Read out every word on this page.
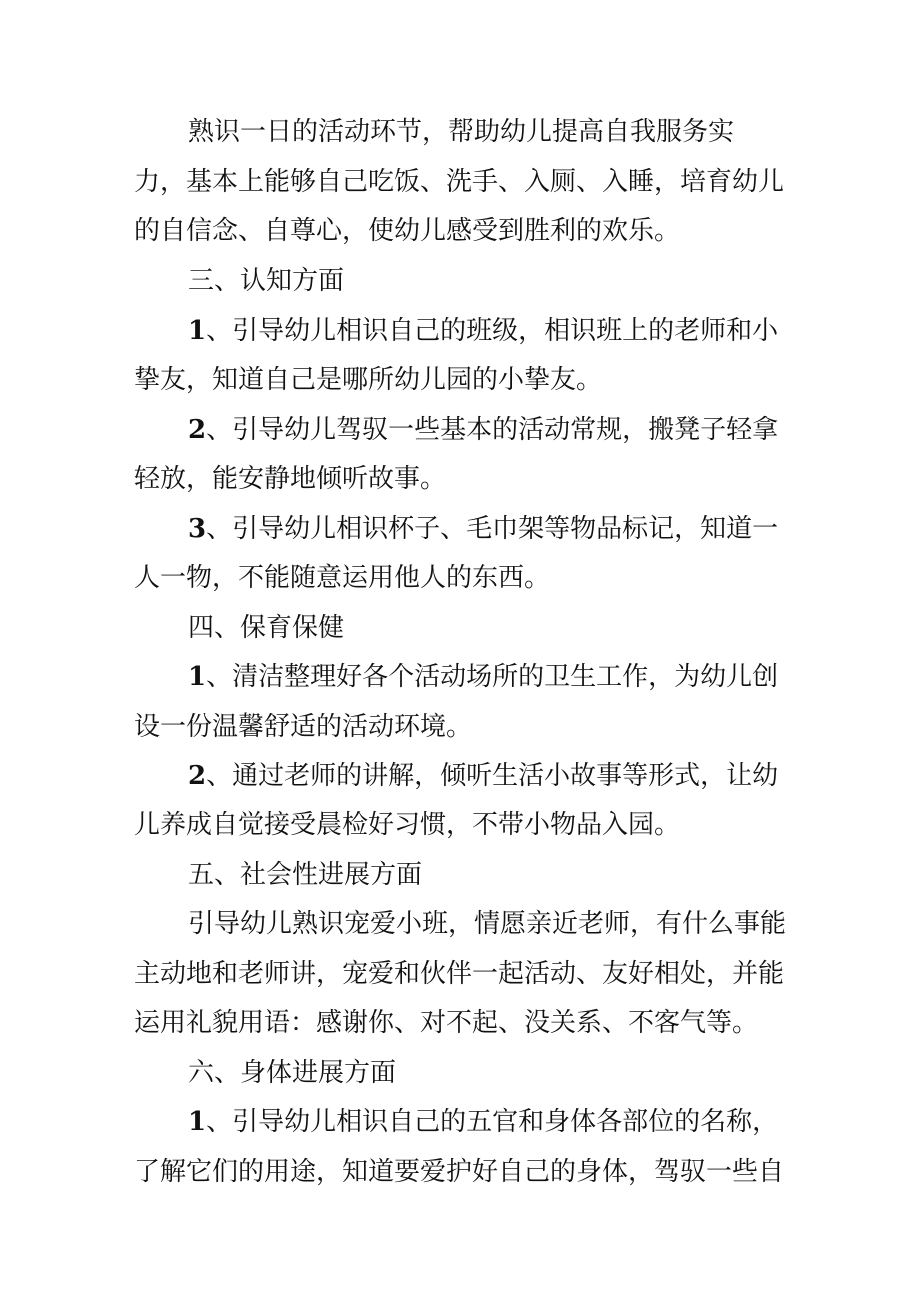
熟识一日的活动环节，帮助幼儿提高自我服务实
力，基本上能够自己吃饭、洗手、入厕、入睡，培育幼儿
的自信念、自尊心，使幼儿感受到胜利的欢乐。
三、认知方面
1、引导幼儿相识自己的班级，相识班上的老师和小
挚友，知道自己是哪所幼儿园的小挚友。
2、引导幼儿驾驭一些基本的活动常规，搬凳子轻拿
轻放，能安静地倾听故事。
3、引导幼儿相识杯子、毛巾架等物品标记，知道一
人一物，不能随意运用他人的东西。
四、保育保健
1、清洁整理好各个活动场所的卫生工作，为幼儿创
设一份温馨舒适的活动环境。
2、通过老师的讲解，倾听生活小故事等形式，让幼
儿养成自觉接受晨检好习惯，不带小物品入园。
五、社会性进展方面
引导幼儿熟识宠爱小班，情愿亲近老师，有什么事能
主动地和老师讲，宠爱和伙伴一起活动、友好相处，并能
运用礼貌用语：感谢你、对不起、没关系、不客气等。
六、身体进展方面
1、引导幼儿相识自己的五官和身体各部位的名称，
了解它们的用途，知道要爱护好自己的身体，驾驭一些自
